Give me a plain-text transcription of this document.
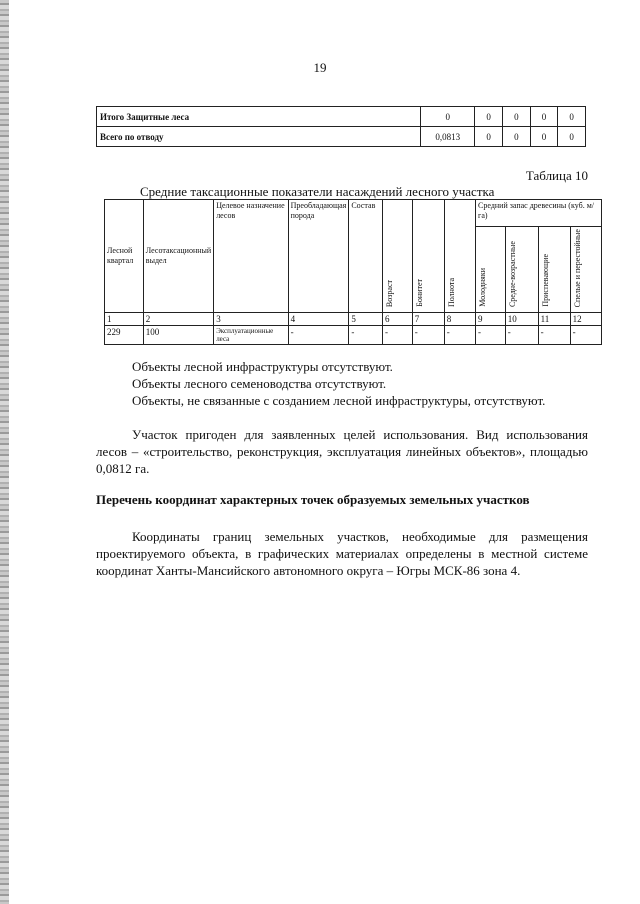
19
Итого Защитные леса	0	0	0	0	0
Всего по отводу	0,0813	0	0	0	0
Таблица 10
Средние таксационные показатели насаждений лесного участка
Лесной квартал	Лесотаксационный выдел	Целевое назначение лесов	Преобладающая порода	Состав	Возраст	Бонитет	Полнота	Средний запас древесины (куб. м/га)			
								Молодняки	Средне-возрастные	Приспевающие	Спелые и перестойные
1	2	3	4	5	6	7	8	9	10	11	12
229	100	Эксплуатационные леса	-	-	-	-	-	-	-	-	-
Объекты лесной инфраструктуры отсутствуют.
Объекты лесного семеноводства отсутствуют.
Объекты, не связанные с созданием лесной инфраструктуры, отсутствуют.
Участок пригоден для заявленных целей использования. Вид использования лесов – «строительство, реконструкция, эксплуатация линейных объектов», площадью 0,0812 га.
Перечень координат характерных точек образуемых земельных участков
Координаты границ земельных участков, необходимые для размещения проектируемого объекта, в графических материалах определены в местной системе координат Ханты-Мансийского автономного округа – Югры МСК-86 зона 4.
